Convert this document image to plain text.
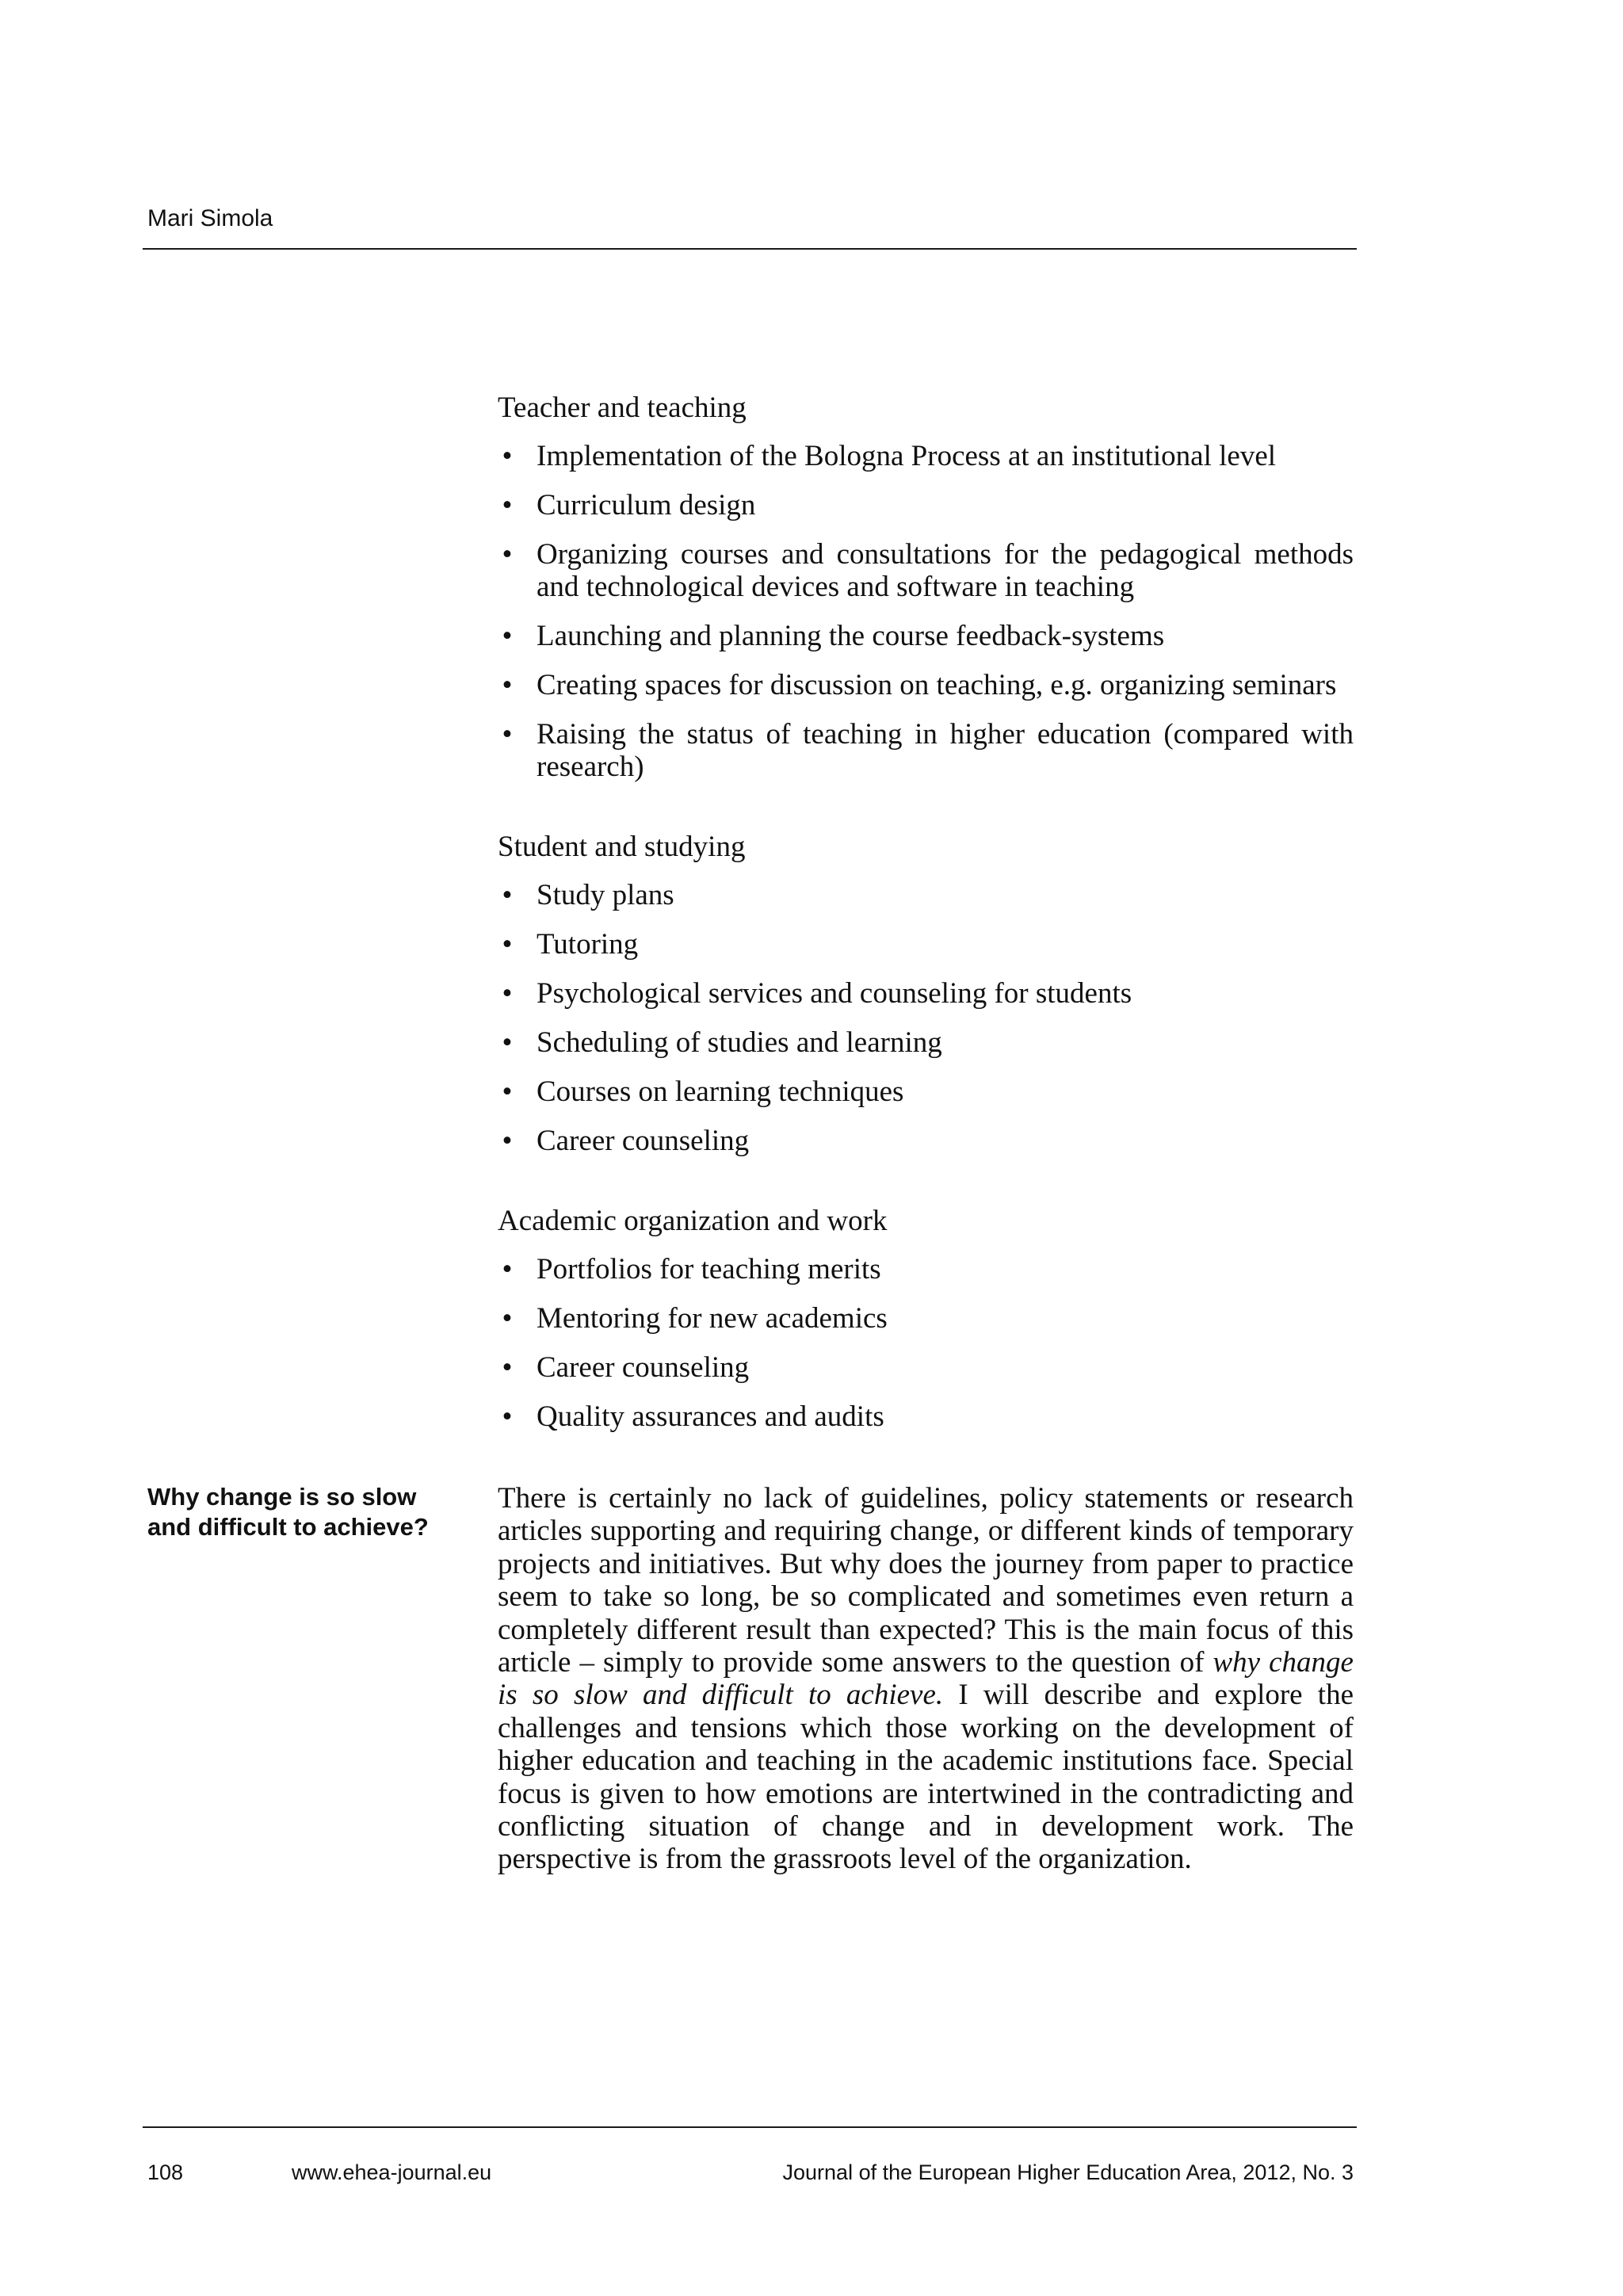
Mari Simola

Teacher and teaching

• Implementation of the Bologna Process at an institutional level
• Curriculum design
• Organizing courses and consultations for the pedagogical methods and technological devices and software in teaching
• Launching and planning the course feedback-systems
• Creating spaces for discussion on teaching, e.g. organizing seminars
• Raising the status of teaching in higher education (compared with research)

Student and studying

• Study plans
• Tutoring
• Psychological services and counseling for students
• Scheduling of studies and learning
• Courses on learning techniques
• Career counseling

Academic organization and work

• Portfolios for teaching merits
• Mentoring for new academics
• Career counseling
• Quality assurances and audits

Why change is so slow
and difficult to achieve?

There is certainly no lack of guidelines, policy statements or research articles supporting and requiring change, or different kinds of temporary projects and initiatives. But why does the journey from paper to practice seem to take so long, be so complicated and sometimes even return a completely different result than expected? This is the main focus of this article – simply to provide some answers to the question of why change is so slow and difficult to achieve. I will describe and explore the challenges and tensions which those working on the development of higher education and teaching in the academic institutions face. Special focus is given to how emotions are intertwined in the contradicting and conflicting situation of change and in development work. The perspective is from the grassroots level of the organization.

108	www.ehea-journal.eu	Journal of the European Higher Education Area, 2012, No. 3
